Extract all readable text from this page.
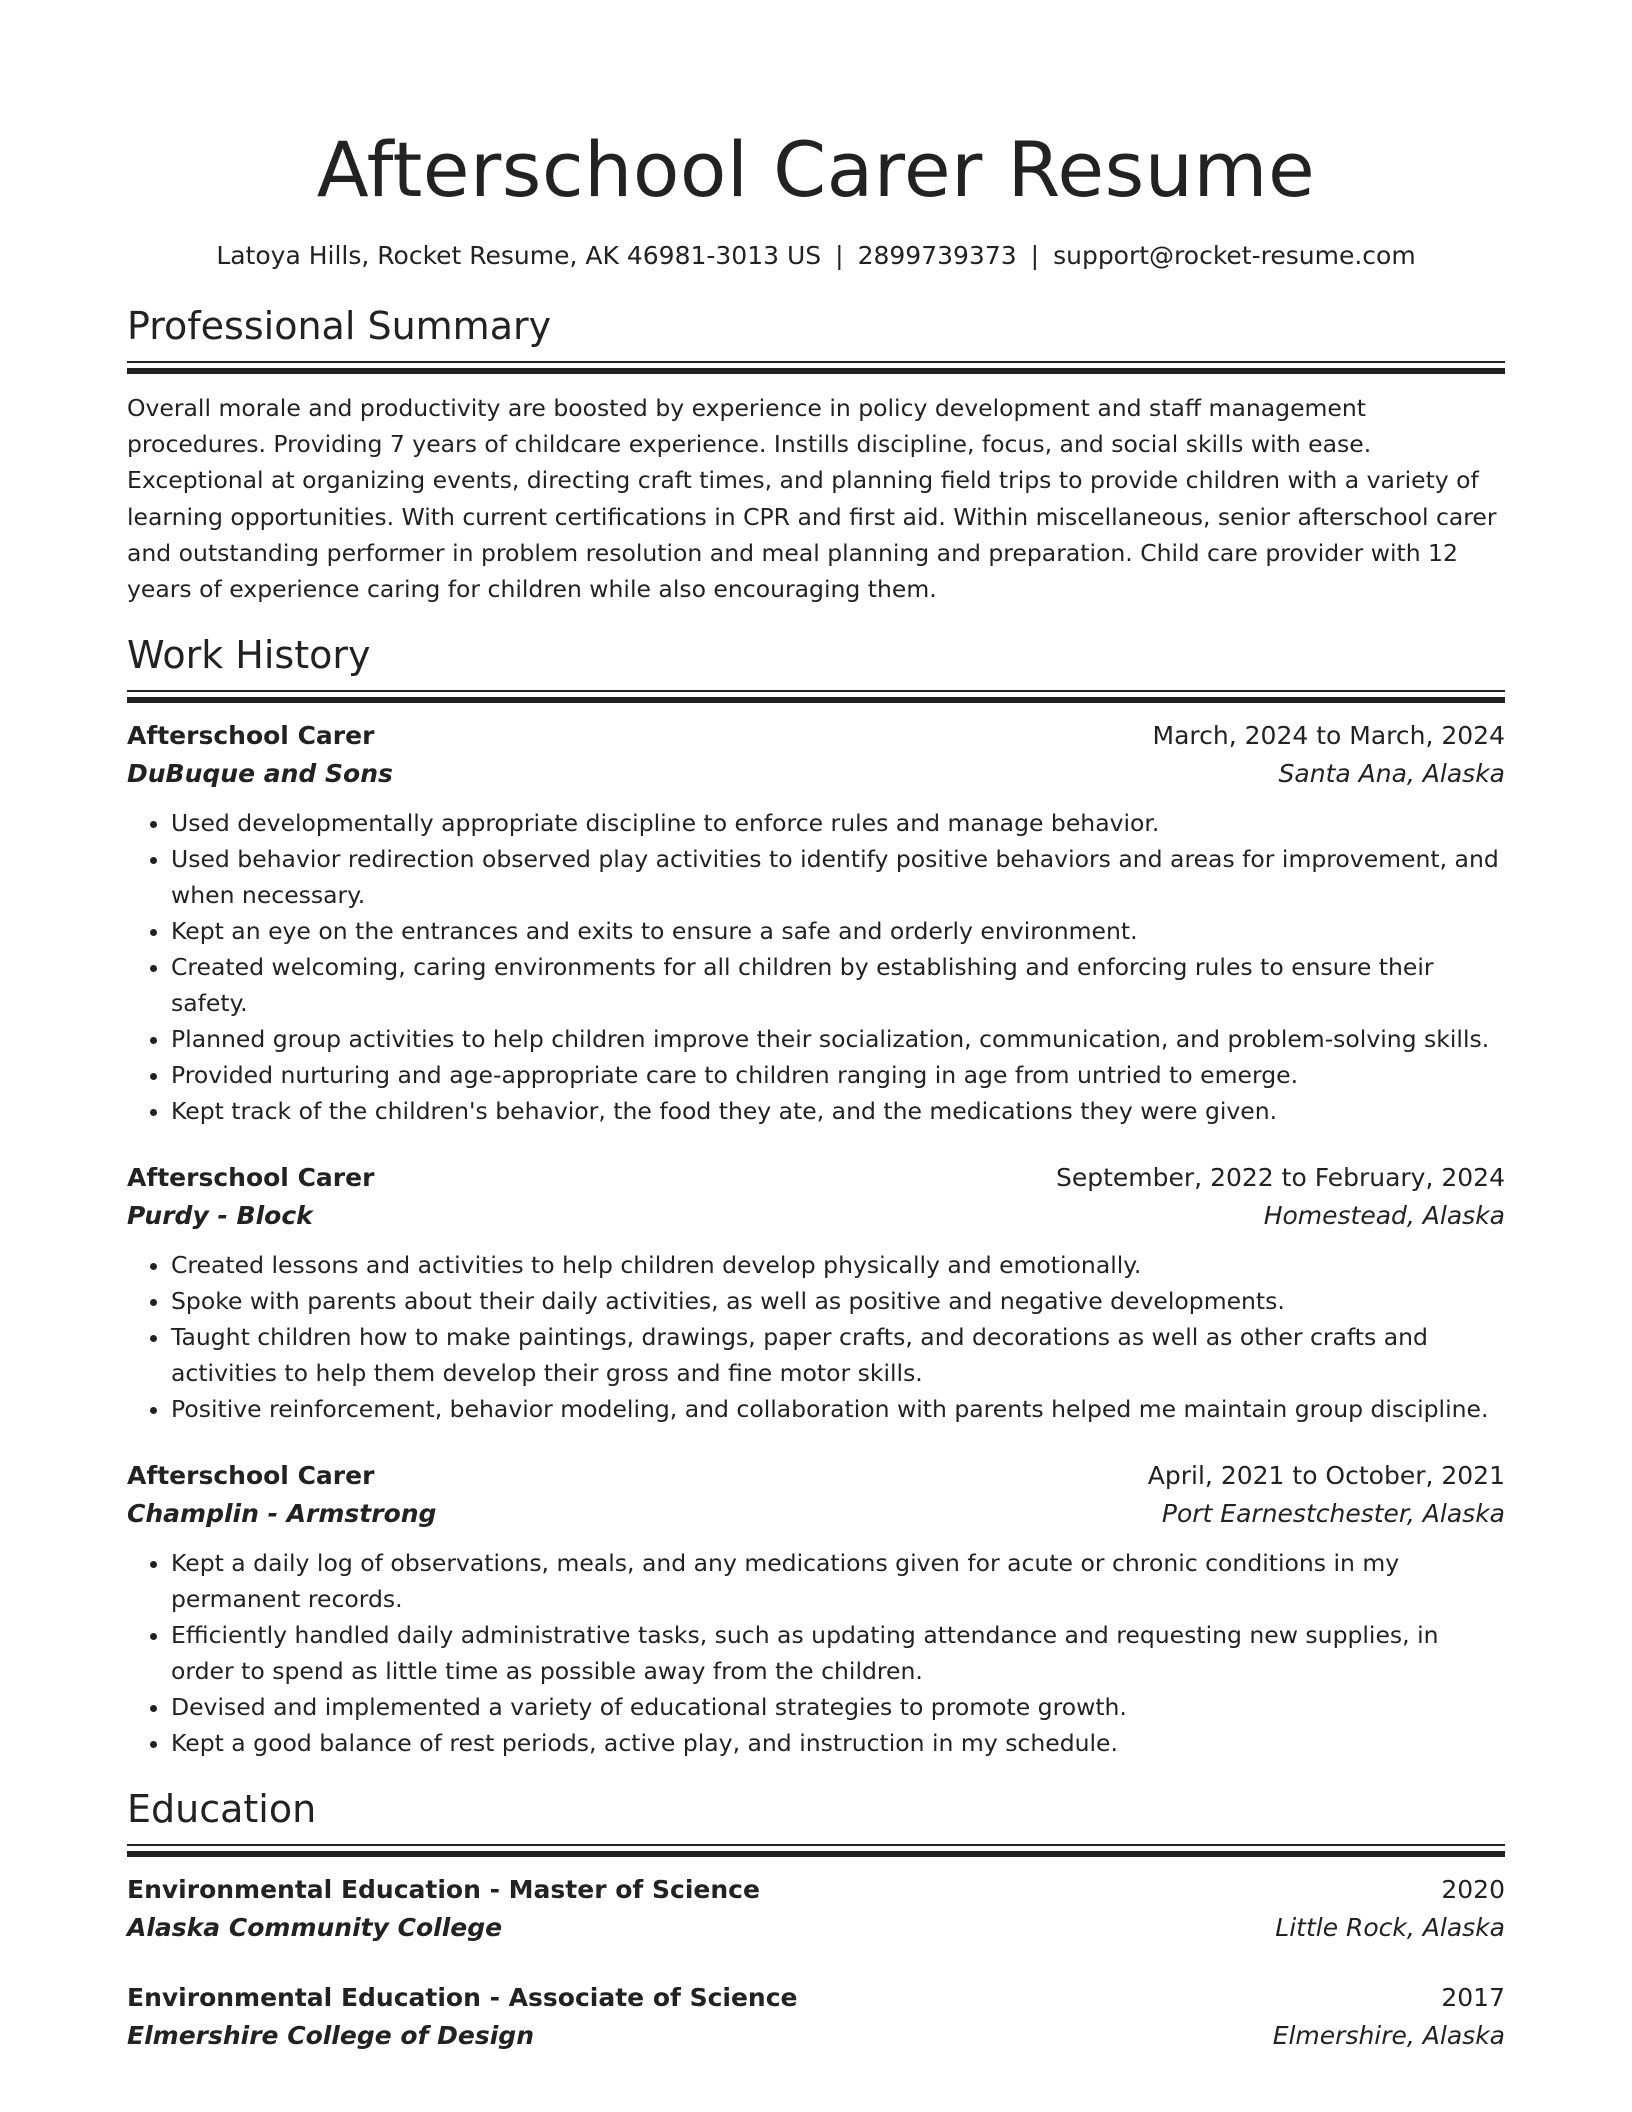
Afterschool Carer Resume
Latoya Hills, Rocket Resume, AK 46981-3013 US | 2899739373 | support@rocket-resume.com
Professional Summary

Overall morale and productivity are boosted by experience in policy development and staff management procedures. Providing 7 years of childcare experience. Instills discipline, focus, and social skills with ease. Exceptional at organizing events, directing craft times, and planning field trips to provide children with a variety of learning opportunities. With current certifications in CPR and first aid. Within miscellaneous, senior afterschool carer and outstanding performer in problem resolution and meal planning and preparation. Child care provider with 12 years of experience caring for children while also encouraging them.

Work History
Afterschool Carer	March, 2024 to March, 2024
DuBuque and Sons	Santa Ana, Alaska
• Used developmentally appropriate discipline to enforce rules and manage behavior.
• Used behavior redirection observed play activities to identify positive behaviors and areas for improvement, and when necessary.
• Kept an eye on the entrances and exits to ensure a safe and orderly environment.
• Created welcoming, caring environments for all children by establishing and enforcing rules to ensure their safety.
• Planned group activities to help children improve their socialization, communication, and problem-solving skills.
• Provided nurturing and age-appropriate care to children ranging in age from untried to emerge.
• Kept track of the children's behavior, the food they ate, and the medications they were given.
Afterschool Carer	September, 2022 to February, 2024
Purdy - Block	Homestead, Alaska
• Created lessons and activities to help children develop physically and emotionally.
• Spoke with parents about their daily activities, as well as positive and negative developments.
• Taught children how to make paintings, drawings, paper crafts, and decorations as well as other crafts and activities to help them develop their gross and fine motor skills.
• Positive reinforcement, behavior modeling, and collaboration with parents helped me maintain group discipline.
Afterschool Carer	April, 2021 to October, 2021
Champlin - Armstrong	Port Earnestchester, Alaska
• Kept a daily log of observations, meals, and any medications given for acute or chronic conditions in my permanent records.
• Efficiently handled daily administrative tasks, such as updating attendance and requesting new supplies, in order to spend as little time as possible away from the children.
• Devised and implemented a variety of educational strategies to promote growth.
• Kept a good balance of rest periods, active play, and instruction in my schedule.
Education
Environmental Education - Master of Science	2020
Alaska Community College	Little Rock, Alaska
Environmental Education - Associate of Science	2017
Elmershire College of Design	Elmershire, Alaska
